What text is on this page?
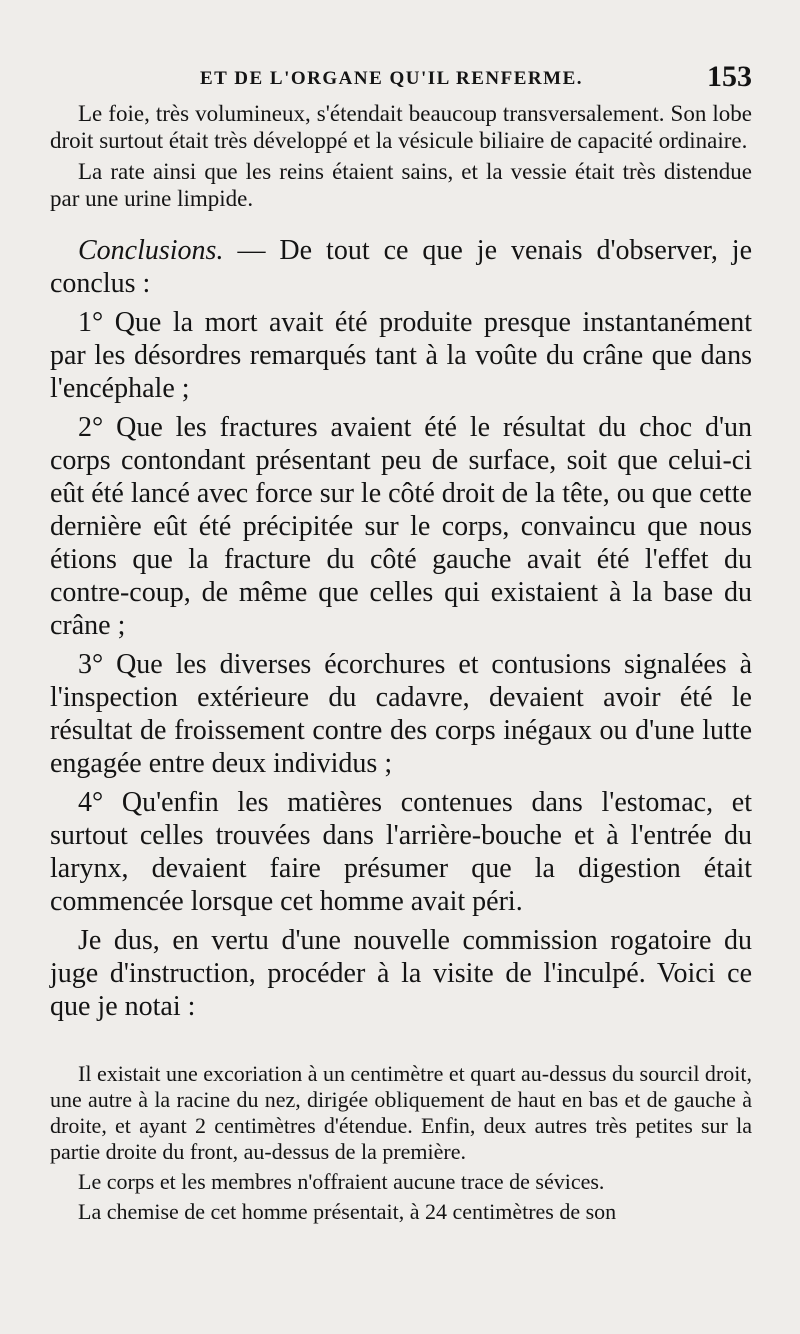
ET DE L'ORGANE QU'IL RENFERME.	153

Le foie, très volumineux, s'étendait beaucoup transversalement. Son lobe droit surtout était très développé et la vésicule biliaire de capacité ordinaire.

La rate ainsi que les reins étaient sains, et la vessie était très distendue par une urine limpide.

Conclusions. — De tout ce que je venais d'observer, je conclus :

1° Que la mort avait été produite presque instantanément par les désordres remarqués tant à la voûte du crâne que dans l'encéphale ;

2° Que les fractures avaient été le résultat du choc d'un corps contondant présentant peu de surface, soit que celui-ci eût été lancé avec force sur le côté droit de la tête, ou que cette dernière eût été précipitée sur le corps, convaincu que nous étions que la fracture du côté gauche avait été l'effet du contre-coup, de même que celles qui existaient à la base du crâne ;

3° Que les diverses écorchures et contusions signalées à l'inspection extérieure du cadavre, devaient avoir été le résultat de froissement contre des corps inégaux ou d'une lutte engagée entre deux individus ;

4° Qu'enfin les matières contenues dans l'estomac, et surtout celles trouvées dans l'arrière-bouche et à l'entrée du larynx, devaient faire présumer que la digestion était commencée lorsque cet homme avait péri.

Je dus, en vertu d'une nouvelle commission rogatoire du juge d'instruction, procéder à la visite de l'inculpé. Voici ce que je notai :

Il existait une excoriation à un centimètre et quart au-dessus du sourcil droit, une autre à la racine du nez, dirigée obliquement de haut en bas et de gauche à droite, et ayant 2 centimètres d'étendue. Enfin, deux autres très petites sur la partie droite du front, au-dessus de la première.

Le corps et les membres n'offraient aucune trace de sévices.

La chemise de cet homme présentait, à 24 centimètres de son
